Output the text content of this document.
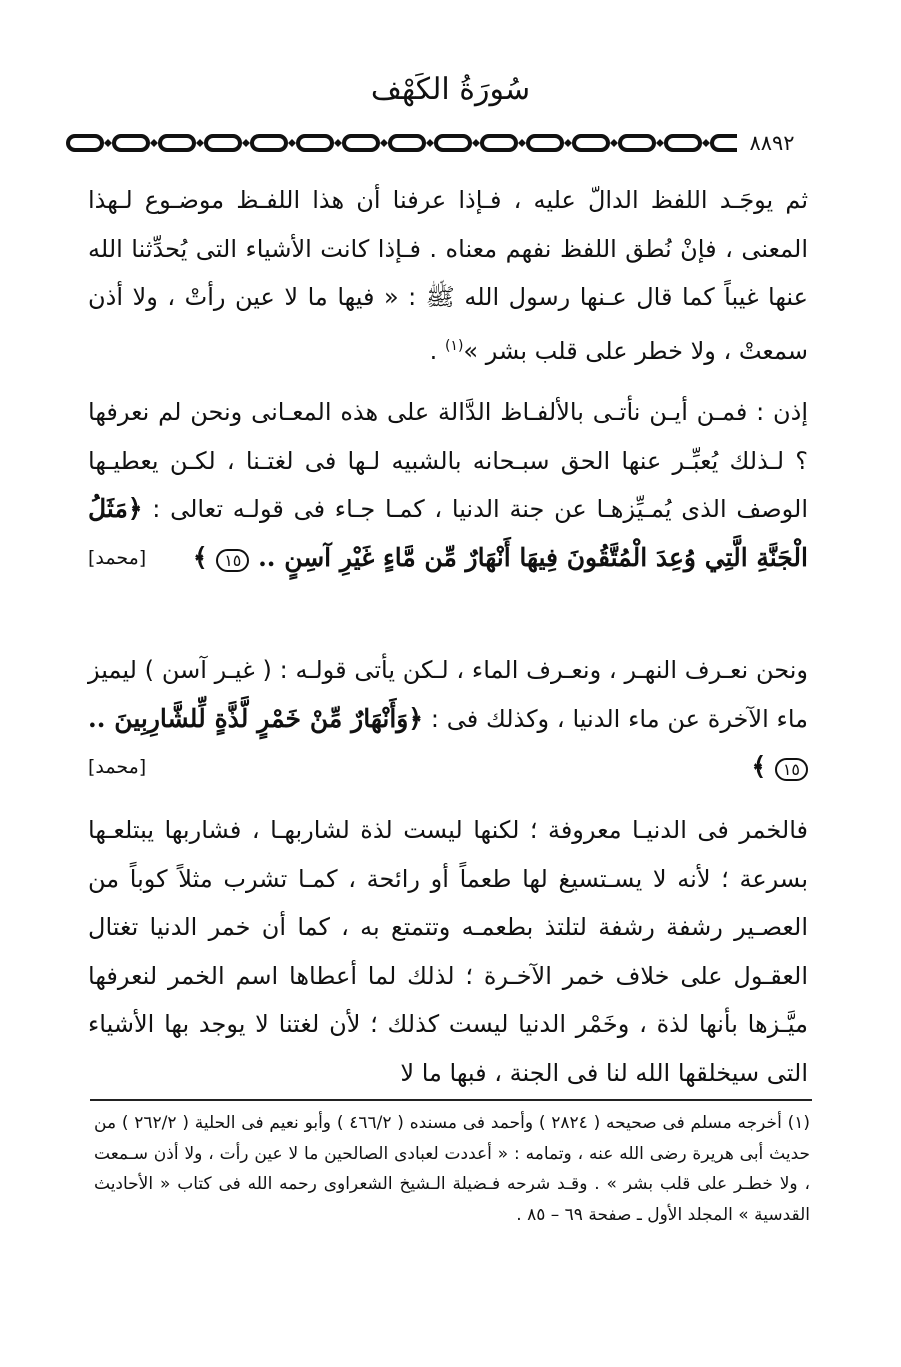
سُورَةُ الكَهْف
٨٨٩٢

ثم يوجَـد اللفظ الدالّ عليه ، فـإذا عرفنا أن هذا اللفـظ موضـوع لـهذا المعنى ، فإنْ نُطق اللفظ نفهم معناه . فـإذا كانت الأشياء التى يُحدِّثنا الله عنها غيباً كما قال عـنها رسول الله ﷺ : « فيها ما لا عين رأتْ ، ولا أذن سمعتْ ، ولا خطر على قلب بشر »$^{(١)}$ .

إذن : فمـن أيـن نأتـى بالألفـاظ الدَّالة على هذه المعـانى ونحن لم نعرفها ؟ لـذلك يُعبِّـر عنها الحق سبـحانه بالشبيه لـها فى لغتـنا ، لكـن يعطيـها الوصف الذى يُمـيِّزهـا عن جنة الدنيا ، كمـا جـاء فى قولـه تعالى : ﴿مَثَلُ الْجَنَّةِ الَّتِي وُعِدَ الْمُتَّقُونَ فِيهَا أَنْهَارٌ مِّن مَّاءٍ غَيْرِ آسِنٍ .. ١٥ ﴾
[محمد]

ونحن نعـرف النهـر ، ونعـرف الماء ، لـكن يأتى قولـه : ( غيـر آسن ) ليميز ماء الآخرة عن ماء الدنيا ، وكذلك فى : ﴿وَأَنْهَارٌ مِّنْ خَمْرٍ لَّذَّةٍ لِّلشَّارِبِينَ .. ١٥ ﴾
[محمد]

فالخمر فى الدنيـا معروفة ؛ لكنها ليست لذة لشاربهـا ، فشاربها يبتلعـها بسرعة ؛ لأنه لا يسـتسيغ لها طعماً أو رائحة ، كمـا تشرب مثلاً كوباً من العصـير رشفة رشفة لتلتذ بطعمـه وتتمتع به ، كما أن خمر الدنيا تغتال العقـول على خلاف خمر الآخـرة ؛ لذلك لما أعطاها اسم الخمر لنعرفها ميَّـزها بأنها لذة ، وخَمْر الدنيا ليست كذلك ؛ لأن لغتنا لا يوجد بها الأشياء التى سيخلقها الله لنا فى الجنة ، فبها ما لا

(١) أخرجه مسلم فى صحيحه ( ٢٨٢٤ ) وأحمد فى مسنده ( ٤٦٦/٢ ) وأبو نعيم فى الحلية ( ٢٦٢/٢ ) من حديث أبى هريرة رضى الله عنه ، وتمامه : « أعددت لعبادى الصالحين ما لا عين رأت ، ولا أذن سـمعت ، ولا خطـر على قلب بشر » . وقـد شرحه فـضيلة الـشيخ الشعراوى رحمه الله فى كتاب « الأحاديث القدسية » المجلد الأول ـ صفحة ٦٩ – ٨٥ .
